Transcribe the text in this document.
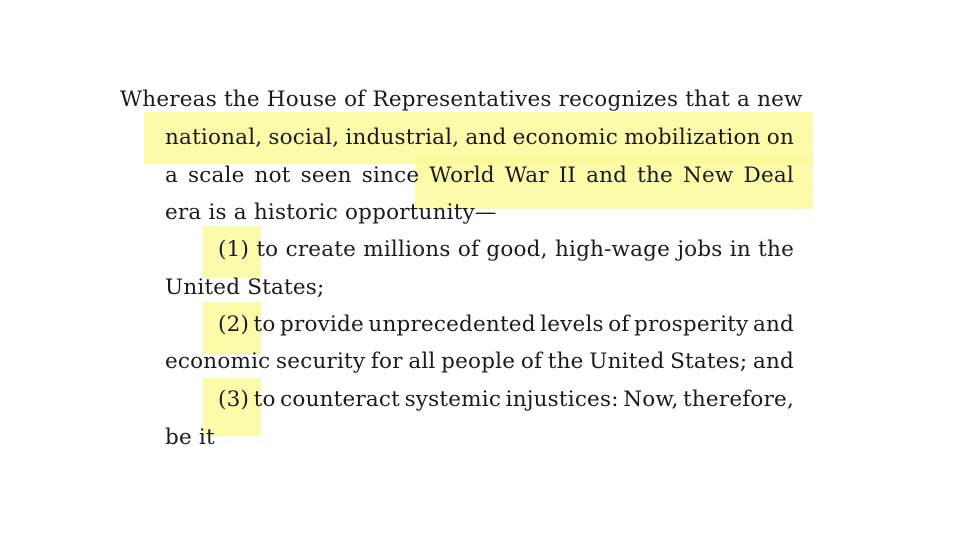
Whereas the House of Representatives recognizes that a new
national, social, industrial, and economic mobilization on
a scale not seen since World War II and the New Deal
era is a historic opportunity—
(1) to create millions of good, high-wage jobs in the
United States;
(2) to provide unprecedented levels of prosperity and
economic security for all people of the United States; and
(3) to counteract systemic injustices: Now, therefore,
be it
